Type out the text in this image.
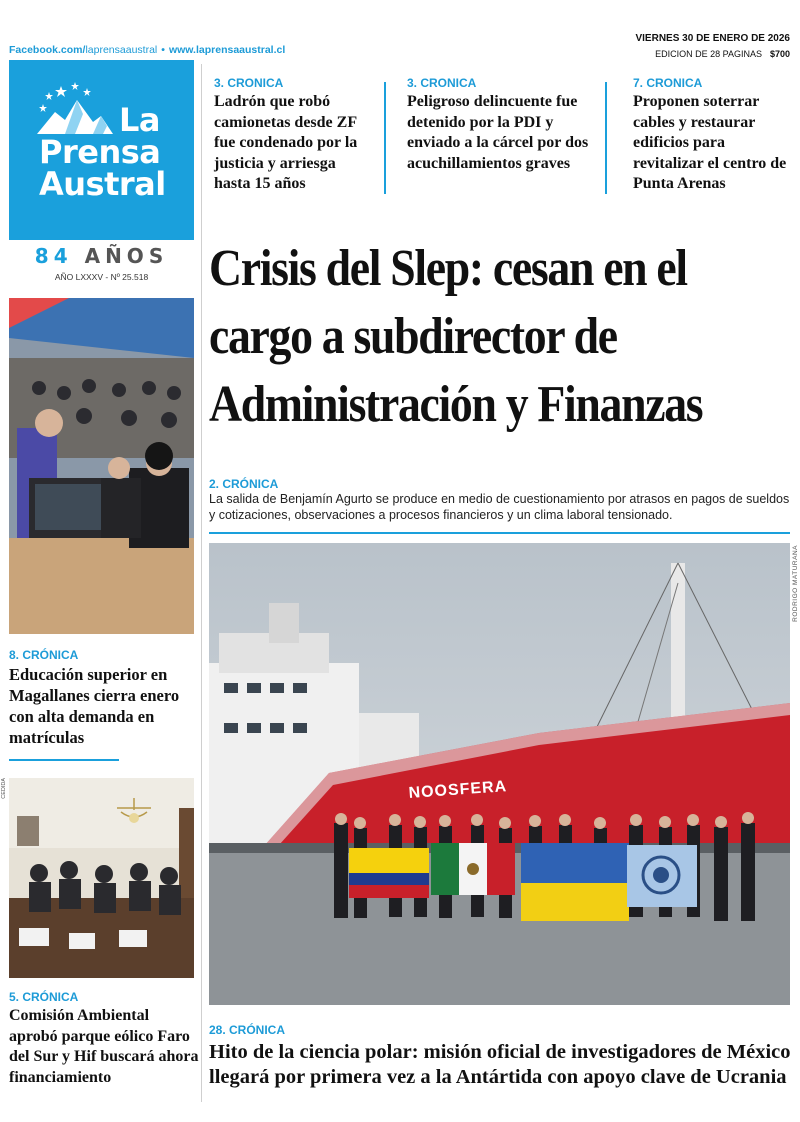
Facebook.com/laprensaaustral • www.laprensaaustral.cl
VIERNES 30 DE ENERO DE 2026
EDICION DE 28 PAGINAS $700
La
Prensa
Austral
84 AÑOS
AÑO LXXXV - Nº 25.518
3. CRONICA
Ladrón que robó camionetas desde ZF fue condenado por la justicia y arriesga hasta 15 años
3. CRONICA
Peligroso delincuente fue detenido por la PDI y enviado a la cárcel por dos acuchillamientos graves
7. CRONICA
Proponen soterrar cables y restaurar edificios para revitalizar el centro de Punta Arenas
Crisis del Slep: cesan en el cargo a subdirector de Administración y Finanzas
2. CRÓNICA
La salida de Benjamín Agurto se produce en medio de cuestionamiento por atrasos en pagos de sueldos y cotizaciones, observaciones a procesos financieros y un clima laboral tensionado.
NOOSFERA
RODRIGO MATURANA
28. CRÓNICA
Hito de la ciencia polar: misión oficial de investigadores de México llegará por primera vez a la Antártida con apoyo clave de Ucrania
8. CRÓNICA
Educación superior en Magallanes cierra enero con alta demanda en matrículas
CEDIDA
5. CRÓNICA
Comisión Ambiental aprobó parque eólico Faro del Sur y Hif buscará ahora financiamiento
